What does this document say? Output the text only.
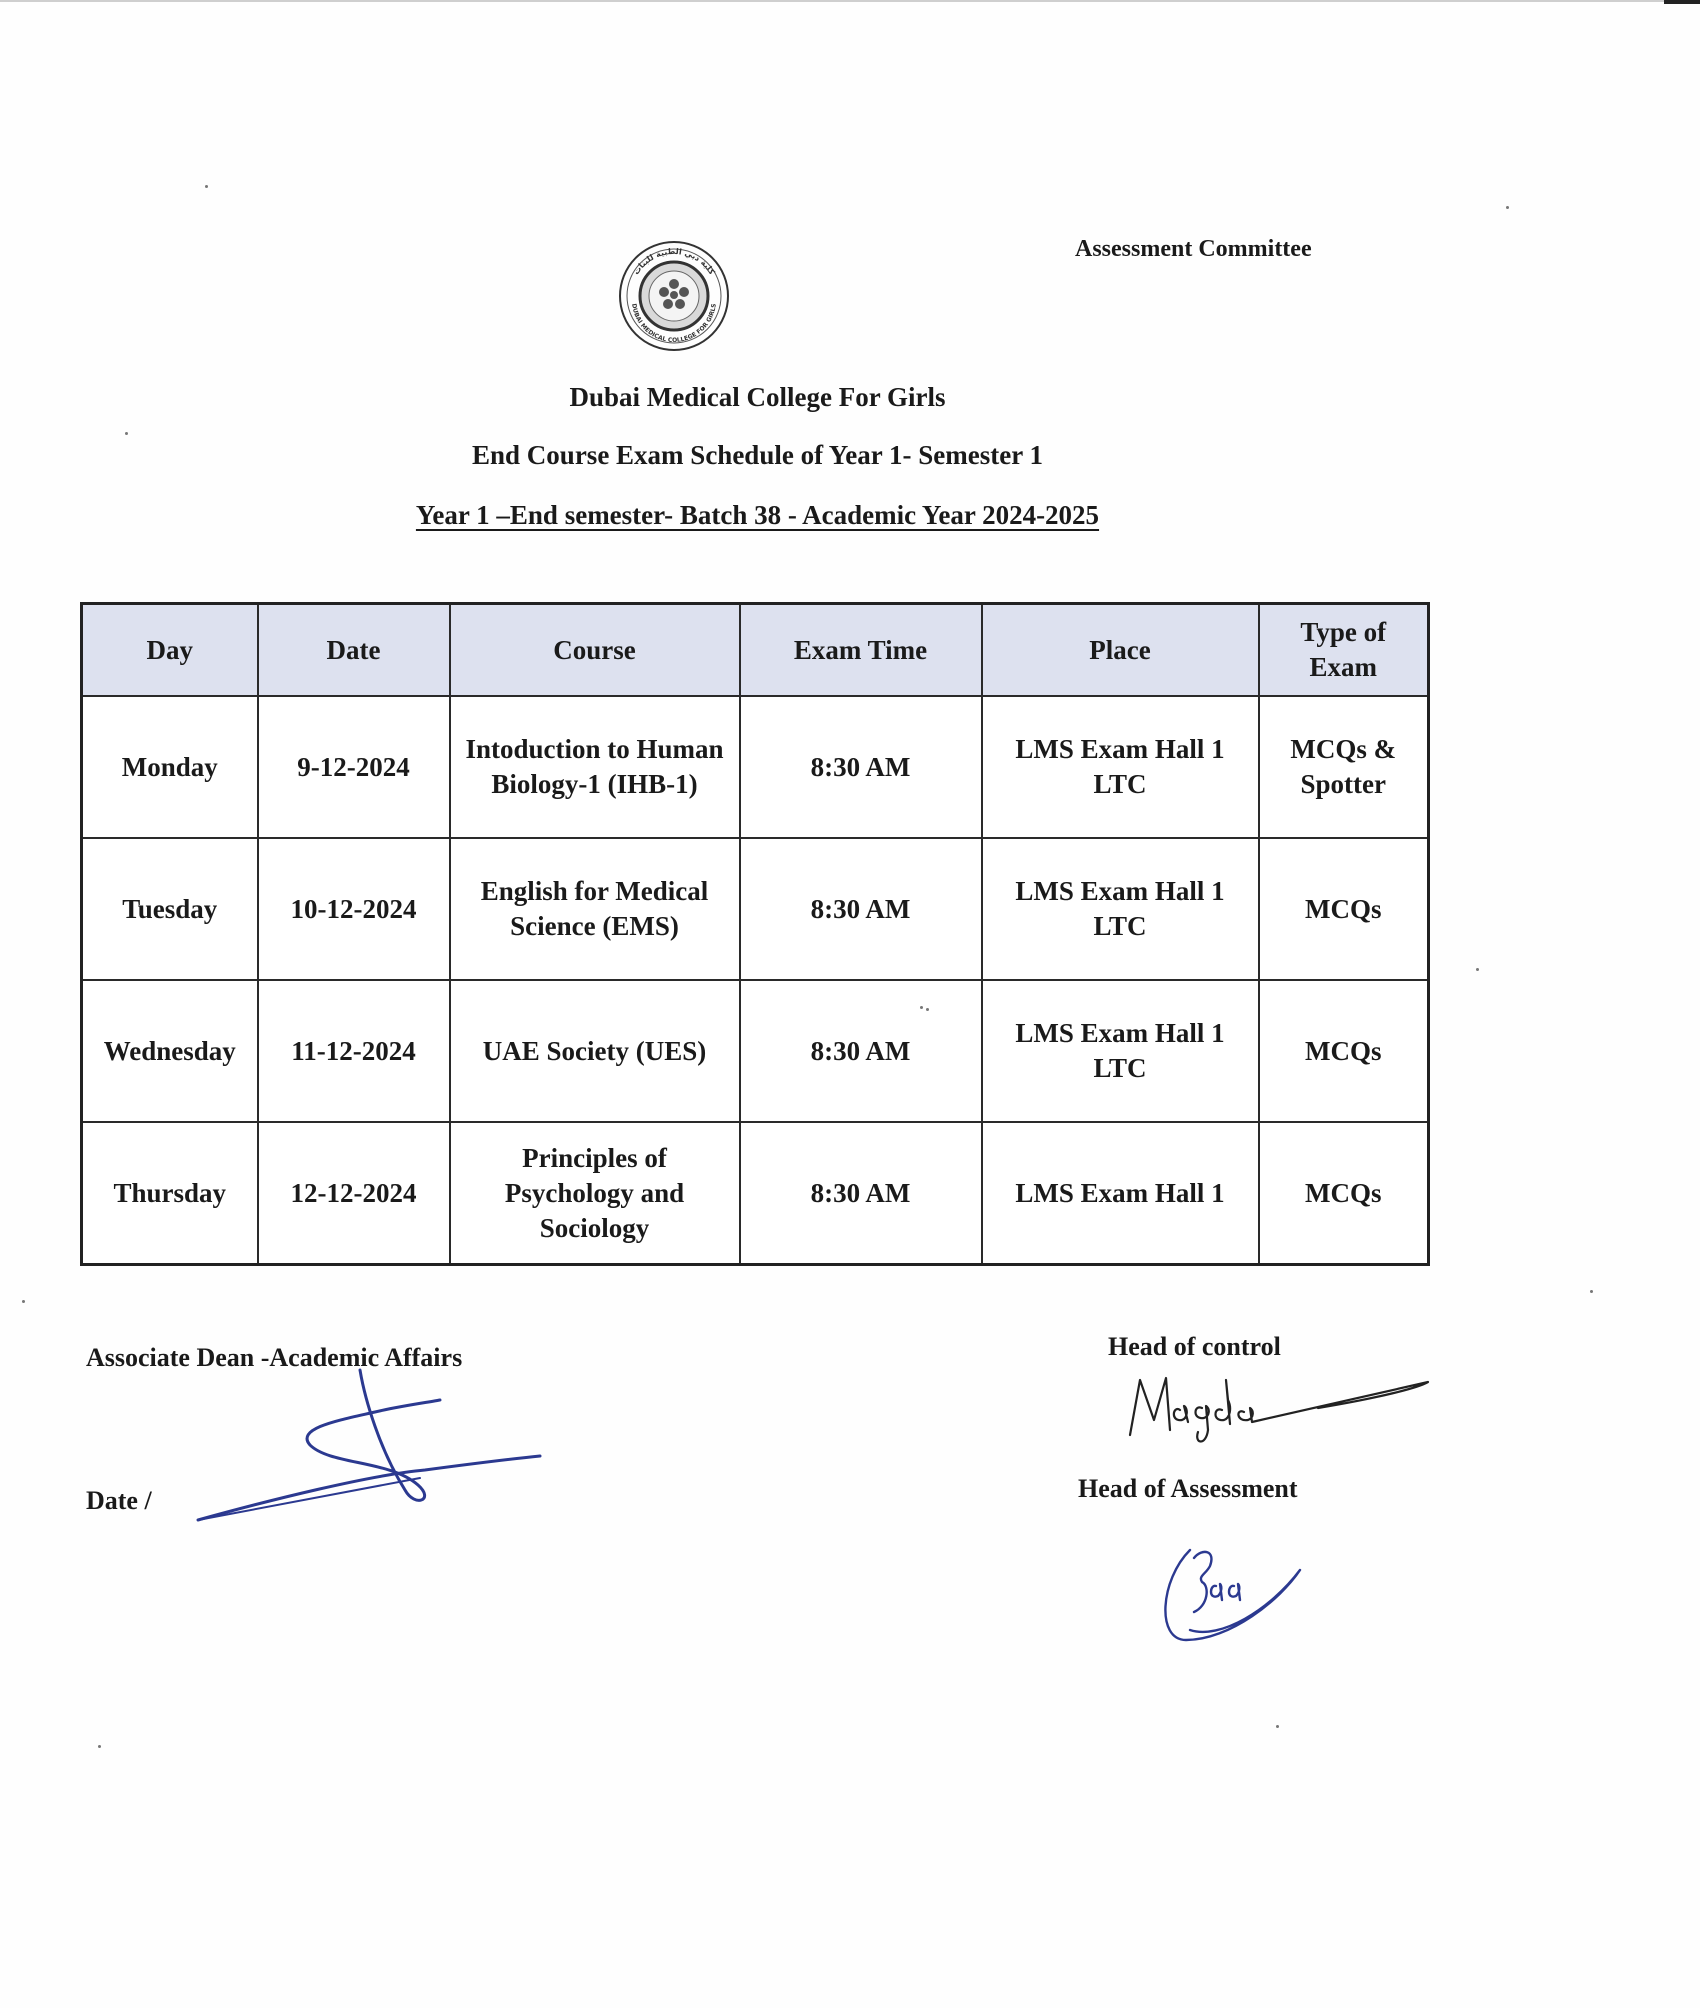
Assessment Committee
كلية دبي الطبية للبنات
DUBAI MEDICAL COLLEGE FOR GIRLS
Dubai Medical College For Girls
End Course Exam Schedule of Year 1- Semester 1
Year 1 –End semester- Batch 38 - Academic Year 2024-2025
Day	Date	Course	Exam Time	Place	Type of Exam
Monday	9-12-2024	Intoduction to Human Biology-1 (IHB-1)	8:30 AM	LMS Exam Hall 1 LTC	MCQs & Spotter
Tuesday	10-12-2024	English for Medical Science (EMS)	8:30 AM	LMS Exam Hall 1 LTC	MCQs
Wednesday	11-12-2024	UAE Society (UES)	8:30 AM	LMS Exam Hall 1 LTC	MCQs
Thursday	12-12-2024	Principles of Psychology and Sociology	8:30 AM	LMS Exam Hall 1	MCQs
Associate Dean -Academic Affairs
Date /
Head of control
Head of Assessment
